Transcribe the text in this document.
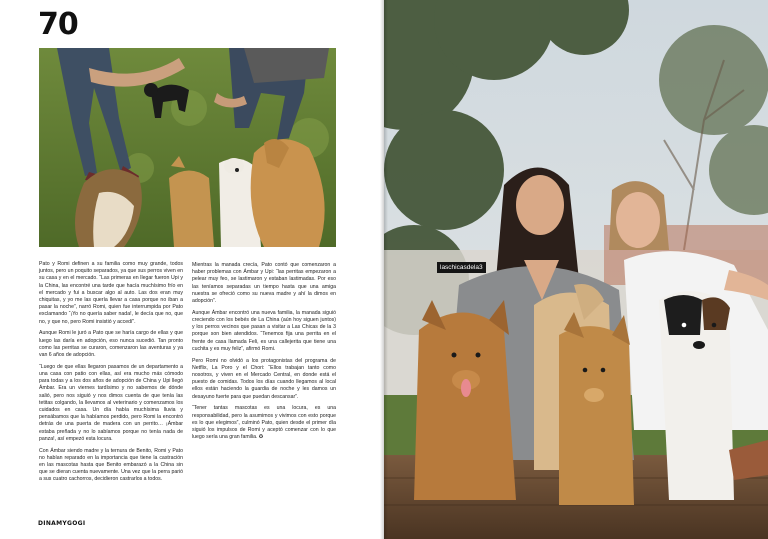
70

Pato y Romi definen a su familia como muy grande, todos juntos, pero un poquito separados, ya que sus perros viven en su casa y en el mercado. “Las primeras en llegar fueron Upi y la China, las encontré una tarde que hacía muchísimo frío en el mercado y fui a buscar algo al auto. Las dos eran muy chiquitas, y yo me las quería llevar a casa porque no iban a pasar la noche”, narró Romi, quien fue interrumpida por Pato exclamando “¡Yo no quería saber nada!, le decía que no, que no, y que no, pero Romi insistió y accedí”.

Aunque Romi le juró a Pato que se haría cargo de ellas y que luego las daría en adopción, eso nunca sucedió. Tan pronto como las perritas se curaron, comenzaron las aventuras y ya van 6 años de adopción.

“Luego de que ellas llegaron pasamos de un departamento a una casa con patio con ellas, así era mucho más cómodo para todas y a los dos años de adopción de China y Upi llegó Ámbar. Era un viernes tardísimo y no sabemos de dónde salió, pero nos siguió y nos dimos cuenta de que tenía las tetitas colgando, la llevamos al veterinario y comenzamos los cuidados en casa. Un día había muchísima lluvia y pensábamos que la habíamos perdido, pero Romi la encontró detrás de una puerta de madera con un perrito… ¡Ámbar estaba preñada y no lo sabíamos porque no tenía nada de panza!, así empezó esta locura.

Con Ámbar siendo madre y la ternura de Benito, Romi y Pato no habían reparado en la importancia que tiene la castración en las mascotas hasta que Benito embarazó a la China sin que se dieran cuenta nuevamente. Una vez que la perra parió a sus cuatro cachorros, decidieron castrarlos a todos.

Mientras la manada crecía, Pato contó que comenzaron a haber problemas con Ámbar y Upi: “las perritas empezaron a pelear muy feo, se lastimaron y estaban lastimadas. Por eso las teníamos separadas un tiempo hasta que una amiga nuestra se ofreció como su nueva madre y ahí la dimos en adopción”.

Aunque Ámbar encontró una nueva familia, la manada siguió creciendo con los bebés de La China (aún hoy siguen juntos) y los perros vecinos que pasan a visitar a Las Chicas de la 3 porque son bien atendidos. “Tenemos fija una perrita en el frente de casa llamada Feli, es una callejerita que tiene una cuchita y es muy feliz”, afirmó Romi.

Pero Romi no olvidó a los protagonistas del programa de Netflix, La Poro y el Chori: “Ellos trabajan tanto como nosotros, y viven en el Mercado Central, en donde está el puesto de comidas. Todos los días cuando llegamos al local ellos están haciendo la guardia de noche y les damos un desayuno fuerte para que puedan descansar”.

“Tener tantas mascotas es una locura, es una responsabilidad, pero la asumimos y vivimos con esto porque es lo que elegimos”, culminó Pato, quien desde el primer día siguió los impulsos de Romi y aceptó comenzar con lo que luego sería una gran familia. ✪

DINAMYGOGI
laschicasdela3
